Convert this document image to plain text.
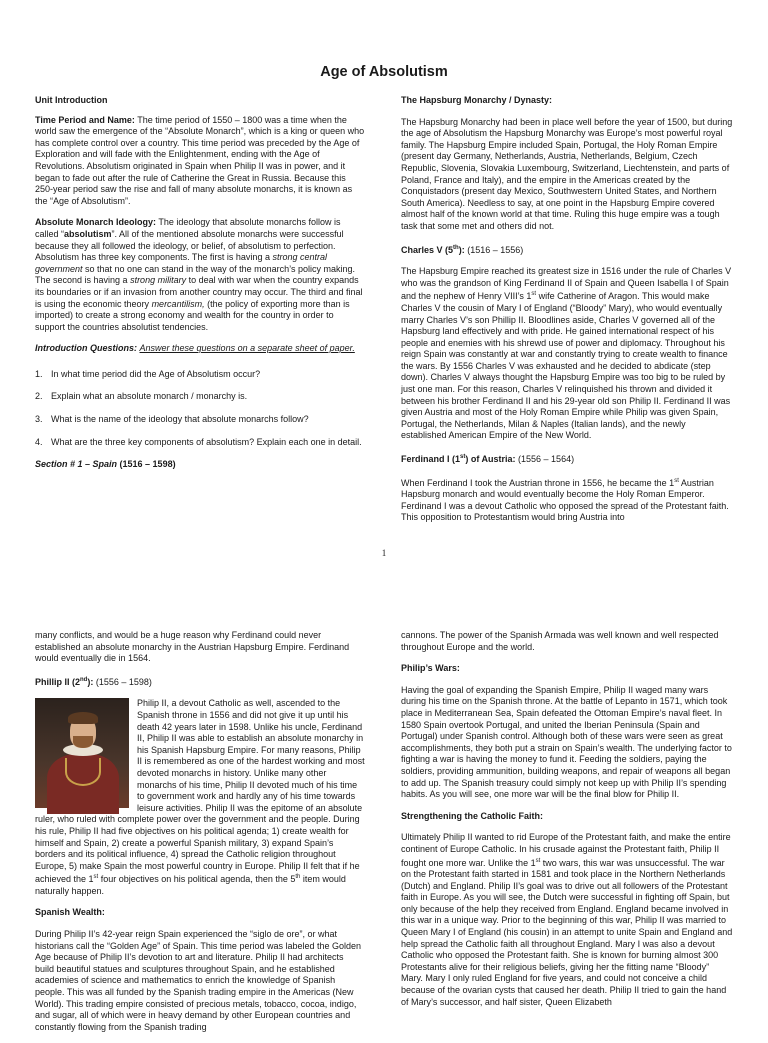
Age of Absolutism

Unit Introduction

Time Period and Name: The time period of 1550 – 1800 was a time when the world saw the emergence of the “Absolute Monarch”, which is a king or queen who has complete control over a country. This time period was preceded by the Age of Exploration and will fade with the Enlightenment, ending with the Age of Revolutions. Absolutism originated in Spain when Philip II was in power, and it began to fade out after the rule of Catherine the Great in Russia. Because this 250-year period saw the rise and fall of many absolute monarchs, it is known as the “Age of Absolutism”.

Absolute Monarch Ideology: The ideology that absolute monarchs follow is called “absolutism”. All of the mentioned absolute monarchs were successful because they all followed the ideology, or belief, of absolutism to perfection. Absolutism has three key components. The first is having a strong central government so that no one can stand in the way of the monarch’s policy making. The second is having a strong military to deal with war when the country expands its boundaries or if an invasion from another country may occur. The third and final is using the economic theory mercantilism, (the policy of exporting more than is imported) to create a strong economy and wealth for the country in order to support the countries absolutist tendencies.

Introduction Questions: Answer these questions on a separate sheet of paper.

1. In what time period did the Age of Absolutism occur?
2. Explain what an absolute monarch / monarchy is.
3. What is the name of the ideology that absolute monarchs follow?
4. What are the three key components of absolutism? Explain each one in detail.

Section # 1 – Spain (1516 – 1598)

The Hapsburg Monarchy / Dynasty:

The Hapsburg Monarchy had been in place well before the year of 1500, but during the age of Absolutism the Hapsburg Monarchy was Europe’s most powerful royal family. The Hapsburg Empire included Spain, Portugal, the Holy Roman Empire (present day Germany, Netherlands, Austria, Netherlands, Belgium, Czech Republic, Slovenia, Slovakia Luxembourg, Switzerland, Liechtenstein, and parts of Poland, France and Italy), and the empire in the Americas created by the Conquistadors (present day Mexico, Southwestern United States, and Northern South America). Needless to say, at one point in the Hapsburg Empire covered almost half of the known world at that time. Ruling this huge empire was a tough task that some met and others did not.

Charles V (5th): (1516 – 1556)

The Hapsburg Empire reached its greatest size in 1516 under the rule of Charles V who was the grandson of King Ferdinand II of Spain and Queen Isabella I of Spain and the nephew of Henry VIII’s 1st wife Catherine of Aragon. This would make Charles V the cousin of Mary I of England (“Bloody” Mary), who would eventually marry Charles V’s son Phillip II. Bloodlines aside, Charles V governed all of the Hapsburg land effectively and with pride. He gained international respect of his people and enemies with his shrewd use of power and diplomacy. Throughout his reign Spain was constantly at war and constantly trying to create wealth to finance the wars. By 1556 Charles V was exhausted and he decided to abdicate (step down). Charles V always thought the Hapsburg Empire was too big to be ruled by just one man. For this reason, Charles V relinquished his thrown and divided it between his brother Ferdinand II and his 29-year old son Philip II. Ferdinand II was given Austria and most of the Holy Roman Empire while Philip was given Spain, Portugal, the Netherlands, Milan & Naples (Italian lands), and the newly established American Empire of the New World.

Ferdinand I (1st) of Austria: (1556 – 1564)

When Ferdinand I took the Austrian throne in 1556, he became the 1st Austrian Hapsburg monarch and would eventually become the Holy Roman Emperor. Ferdinand I was a devout Catholic who opposed the spread of the Protestant faith. This opposition to Protestantism would bring Austria into

1

many conflicts, and would be a huge reason why Ferdinand could never established an absolute monarchy in the Austrian Hapsburg Empire. Ferdinand would eventually die in 1564.

Phillip II (2nd): (1556 – 1598)

Philip II, a devout Catholic as well, ascended to the Spanish throne in 1556 and did not give it up until his death 42 years later in 1598. Unlike his uncle, Ferdinand II, Philip II was able to establish an absolute monarchy in his Spanish Hapsburg Empire. For many reasons, Philip II is remembered as one of the hardest working and most devoted monarchs in history. Unlike many other monarchs of his time, Philip II devoted much of his time to government work and hardly any of his time towards leisure activities. Philip II was the epitome of an absolute ruler, who ruled with complete power over the government and the people. During his rule, Philip II had five objectives on his political agenda; 1) create wealth for himself and Spain, 2) create a powerful Spanish military, 3) expand Spain’s borders and its political influence, 4) spread the Catholic religion throughout Europe, 5) make Spain the most powerful country in Europe. Philip II felt that if he achieved the 1st four objectives on his political agenda, then the 5th item would naturally happen.

Spanish Wealth:

During Philip II’s 42-year reign Spain experienced the “siglo de ore”, or what historians call the “Golden Age” of Spain. This time period was labeled the Golden Age because of Philip II’s devotion to art and literature. Philip II had architects build beautiful statues and sculptures throughout Spain, and he established academies of science and mathematics to enrich the knowledge of Spanish people. This was all funded by the Spanish trading empire in the Americas (New World). This trading empire consisted of precious metals, tobacco, cocoa, indigo, and sugar, all of which were in heavy demand by other European countries and constantly flowing from the Spanish trading

cannons. The power of the Spanish Armada was well known and well respected throughout Europe and the world.

Philip’s Wars:

Having the goal of expanding the Spanish Empire, Philip II waged many wars during his time on the Spanish throne. At the battle of Lepanto in 1571, which took place in Mediterranean Sea, Spain defeated the Ottoman Empire’s naval fleet. In 1580 Spain overtook Portugal, and united the Iberian Peninsula (Spain and Portugal) under Spanish control. Although both of these wars were seen as great accomplishments, they both put a strain on Spain’s wealth. The underlying factor to fighting a war is having the money to fund it. Feeding the soldiers, paying the soldiers, providing ammunition, building weapons, and repair of weapons all began to add up. The Spanish treasury could simply not keep up with Philip II’s spending habits. As you will see, one more war will be the final blow for Philip II.

Strengthening the Catholic Faith:

Ultimately Philip II wanted to rid Europe of the Protestant faith, and make the entire continent of Europe Catholic. In his crusade against the Protestant faith, Philip II fought one more war. Unlike the 1st two wars, this war was unsuccessful. The war on the Protestant faith started in 1581 and took place in the Northern Netherlands (Dutch) and England. Philip II’s goal was to drive out all followers of the Protestant faith in Europe. As you will see, the Dutch were successful in fighting off Spain, but only because of the help they received from England. England became involved in this war in a unique way. Prior to the beginning of this war, Philip II was married to Queen Mary I of England (his cousin) in an attempt to unite Spain and England and help spread the Catholic faith all throughout England. Mary I was also a devout Catholic who opposed the Protestant faith. She is known for burning almost 300 Protestants alive for their religious beliefs, giving her the fitting name “Bloody” Mary. Mary I only ruled England for five years, and could not conceive a child because of the ovarian cysts that caused her death. Philip II tried to gain the hand of Mary’s successor, and half sister, Queen Elizabeth
